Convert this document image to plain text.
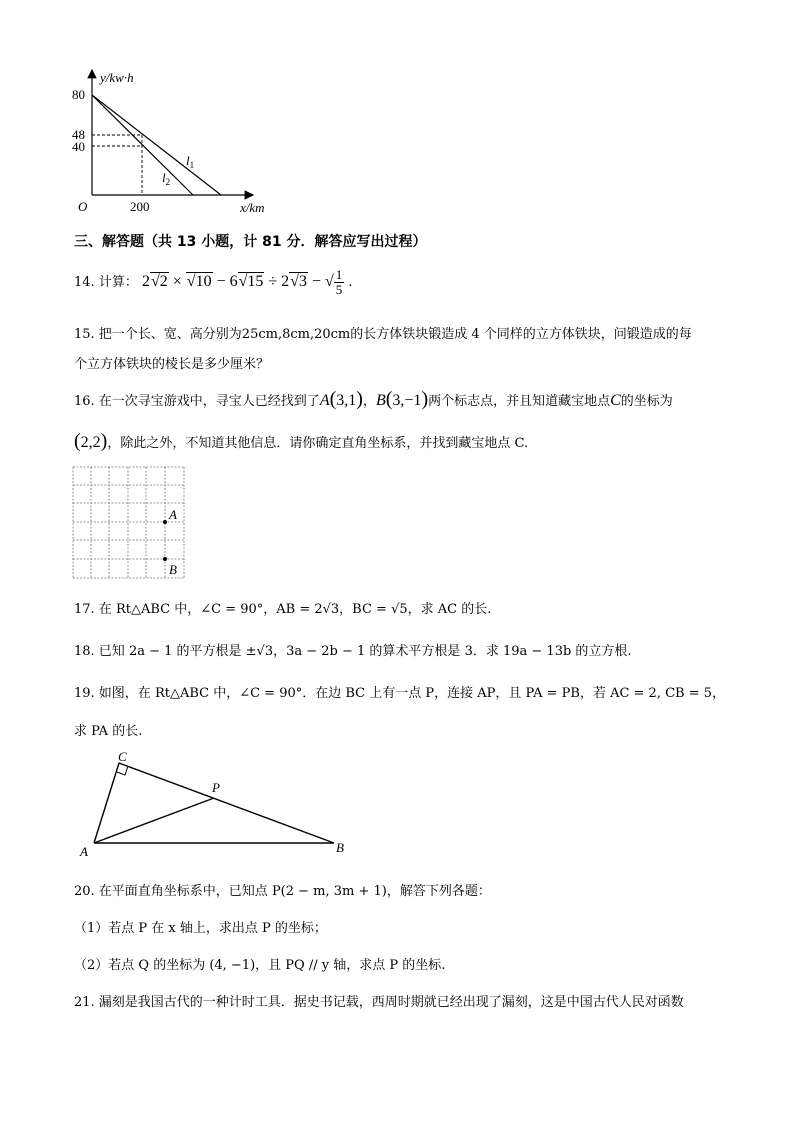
y/kw·h
80
48
40
O	200	x/km
$l_1$
$l_2$
三、解答题（共 13 小题，计 81 分．解答应写出过程）
14. 计算： 2√2 × √10 − 6√15 ÷ 2√3 − √ $\frac{1}{5}$ .
15. 把一个长、宽、高分别为25cm,8cm,20cm的长方体铁块锻造成 4 个同样的立方体铁块，问锻造成的每
个立方体铁块的棱长是多少厘米？
16. 在一次寻宝游戏中，寻宝人已经找到了A(3,1)，B(3,−1)两个标志点，并且知道藏宝地点C的坐标为
(2,2)，除此之外，不知道其他信息．请你确定直角坐标系，并找到藏宝地点 C.
A
B
17. 在 Rt△ABC 中，∠C = 90°，AB = 2√3，BC = √5，求 AC 的长.
18. 已知 2a − 1 的平方根是 ±√3，3a − 2b − 1 的算术平方根是 3．求 19a − 13b 的立方根.
19. 如图，在 Rt△ABC 中，∠C = 90°．在边 BC 上有一点 P，连接 AP，且 PA = PB，若 AC = 2, CB = 5，
求 PA 的长.
C
P
A	B
20. 在平面直角坐标系中，已知点 P(2 − m, 3m + 1)，解答下列各题：
（1）若点 P 在 x 轴上，求出点 P 的坐标；
（2）若点 Q 的坐标为 (4, −1)，且 PQ // y 轴，求点 P 的坐标.
21. 漏刻是我国古代的一种计时工具．据史书记载，西周时期就已经出现了漏刻，这是中国古代人民对函数
